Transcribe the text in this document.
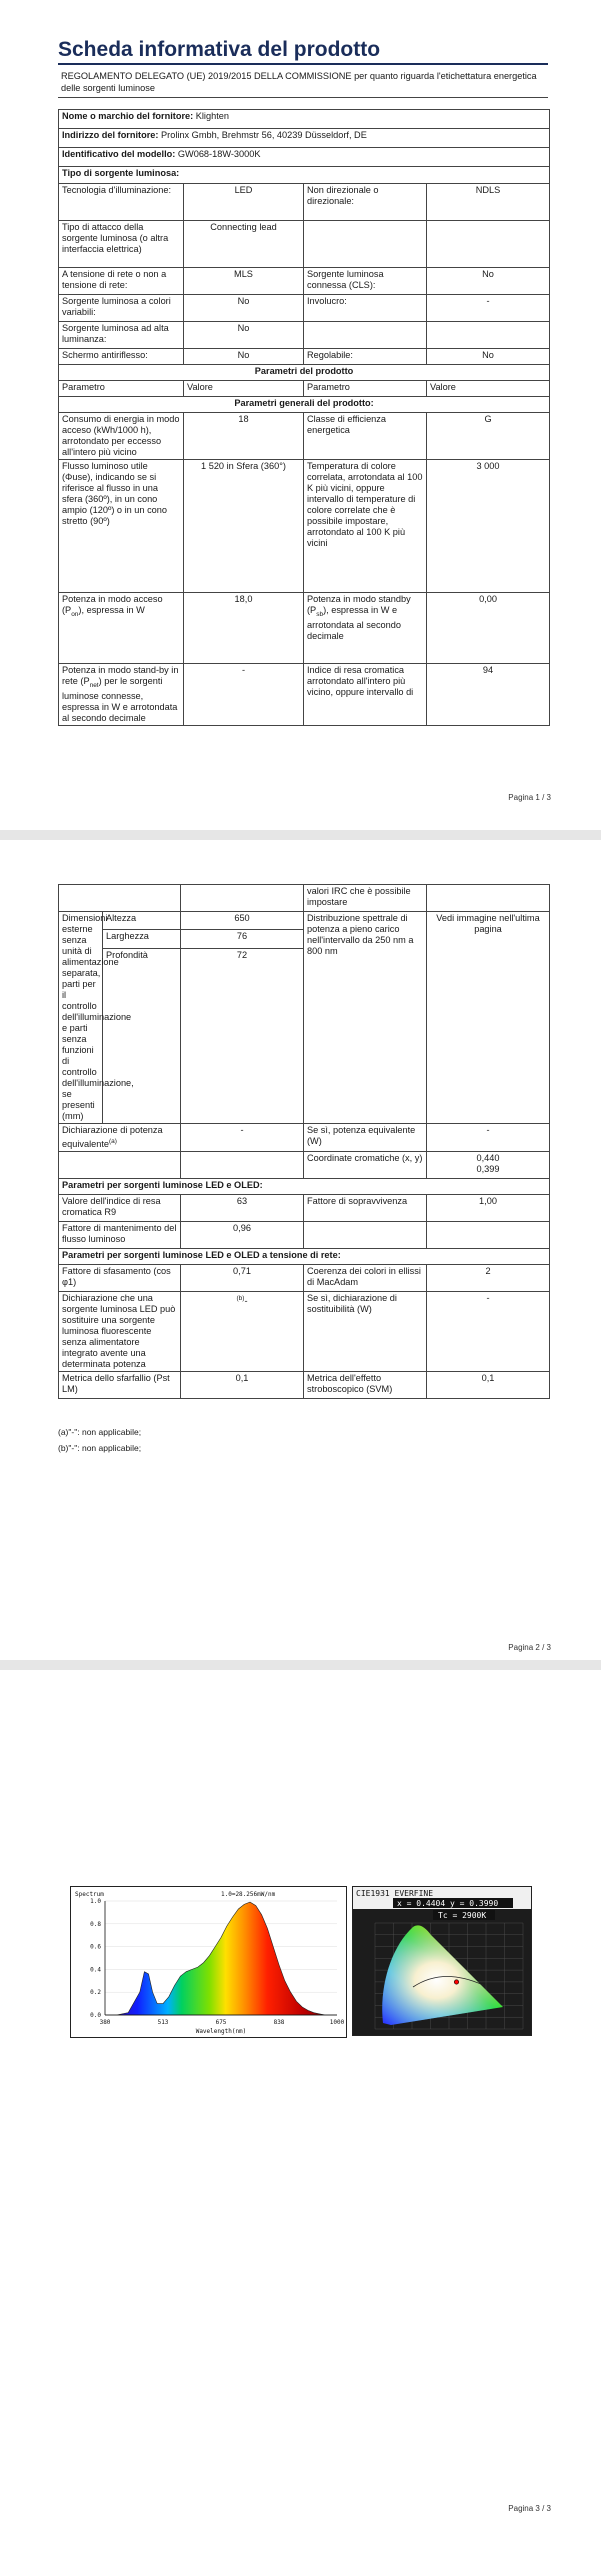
Scheda informativa del prodotto
REGOLAMENTO DELEGATO (UE) 2019/2015 DELLA COMMISSIONE per quanto riguarda l'etichettatura energetica delle sorgenti luminose
Nome o marchio del fornitore: Klighten			
Indirizzo del fornitore: Prolinx Gmbh, Brehmstr 56, 40239 Düsseldorf, DE			
Identificativo del modello: GW068-18W-3000K			
Tipo di sorgente luminosa:			
Tecnologia d'illuminazione:	LED	Non direzionale o direzionale:	NDLS
Tipo di attacco della sorgente luminosa (o altra interfaccia elettrica)	Connecting lead		
A tensione di rete o non a tensione di rete:	MLS	Sorgente luminosa connessa (CLS):	No
Sorgente luminosa a colori variabili:	No	Involucro:	-
Sorgente luminosa ad alta luminanza:	No		
Schermo antiriflesso:	No	Regolabile:	No
Parametri del prodotto			
Parametro	Valore	Parametro	Valore
Parametri generali del prodotto:			
Consumo di energia in modo acceso (kWh/1000 h), arrotondato per eccesso all'intero più vicino	18	Classe di efficienza energetica	G
Flusso luminoso utile (Φuse), indicando se si riferisce al flusso in una sfera (360º), in un cono ampio (120º) o in un cono stretto (90º)	1 520 in Sfera (360°)	Temperatura di colore correlata, arrotondata al 100 K più vicini, oppure intervallo di temperature di colore correlate che è possibile impostare, arrotondato al 100 K più vicini	3 000
Potenza in modo acceso $(P_{on})$, espressa in W	18,0	Potenza in modo standby $(P_{sb})$, espressa in W e arrotondata al secondo decimale	0,00
Potenza in modo stand-by in rete $(P_{net})$ per le sorgenti luminose connesse, espressa in W e arrotondata al secondo decimale	-	Indice di resa cromatica arrotondato all'intero più vicino, oppure intervallo di	94
Pagina 1 / 3
			valori IRC che è possibile impostare	
Dimensioni esterne senza unità di alimentazione separata, parti per il controllo dell'illuminazione e parti senza funzioni di controllo dell'illuminazione, se presenti (mm)	Altezza	650	Distribuzione spettrale di potenza a pieno carico nell'intervallo da 250 nm a 800 nm	Vedi immagine nell'ultima pagina
	Larghezza	76		
	Profondità	72		
Dichiarazione di potenza equivalente$^{(a)}$		-	Se sì, potenza equivalente (W)	-
			Coordinate cromatiche (x, y)	0,440
0,399
Parametri per sorgenti luminose LED e OLED:				
Valore dell'indice di resa cromatica R9		63	Fattore di sopravvivenza	1,00
Fattore di mantenimento del flusso luminoso		0,96		
Parametri per sorgenti luminose LED e OLED a tensione di rete:				
Fattore di sfasamento (cos φ1)		0,71	Coerenza dei colori in ellissi di MacAdam	2
Dichiarazione che una sorgente luminosa LED può sostituire una sorgente luminosa fluorescente senza alimentatore integrato avente una determinata potenza		$^{(b)}$-	Se sì, dichiarazione di sostituibilità (W)	-
Metrica dello sfarfallio (Pst LM)		0,1	Metrica dell'effetto stroboscopico (SVM)	0,1
(a)"-": non applicabile;
(b)"-": non applicabile;
Pagina 2 / 3
Spectrum	1.0=28.256mW/nm
Wavelength(nm)
0.0
0.2
0.4
0.6
0.8
1.0
380	513	675	838	1000
CIE1931 EVERFINE
x = 0.4404 y = 0.3990
Tc = 2900K
Pagina 3 / 3
